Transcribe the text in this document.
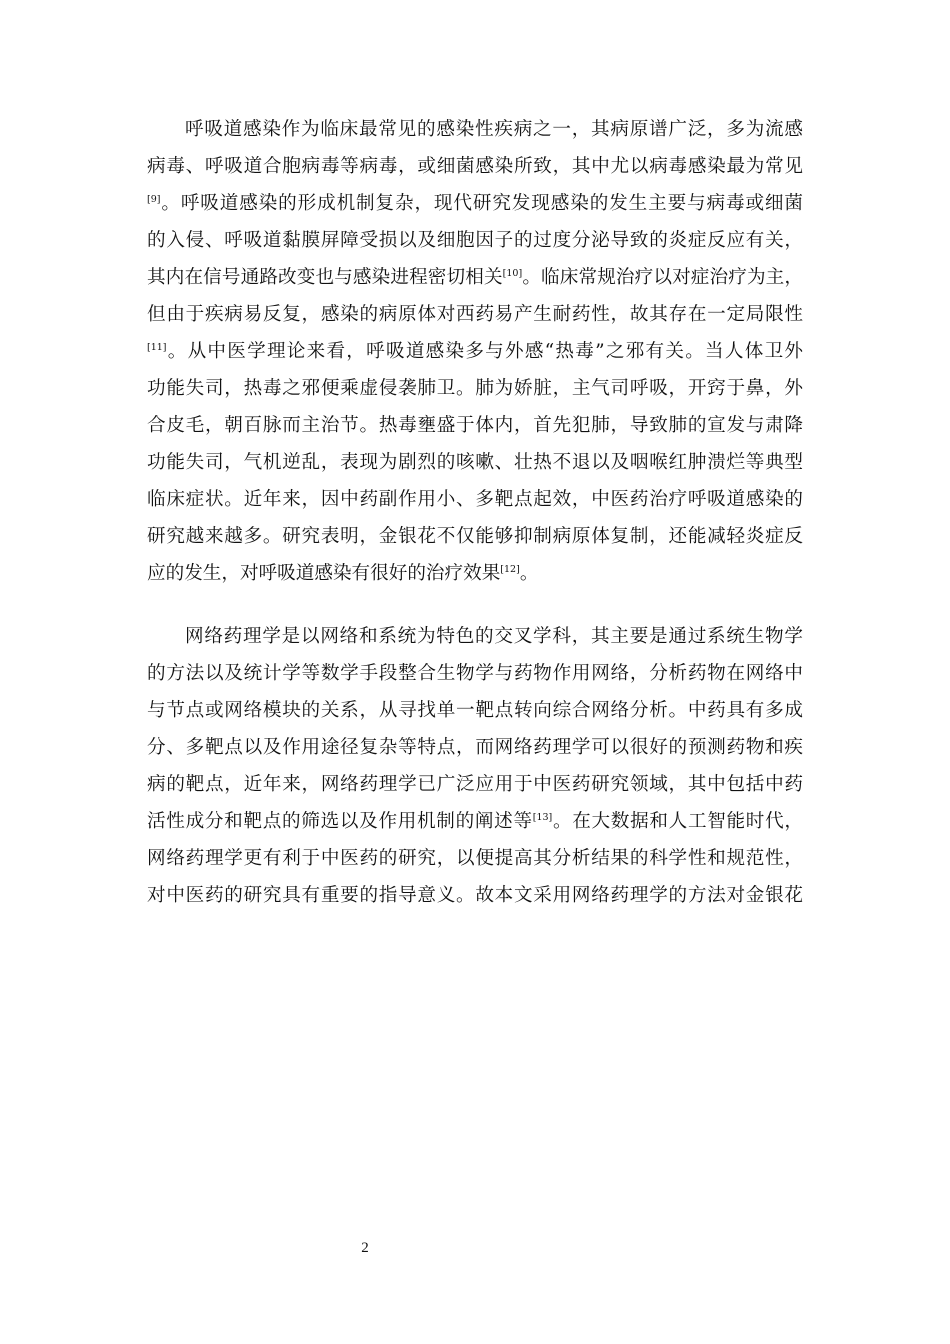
呼吸道感染作为临床最常见的感染性疾病之一，其病原谱广泛，多为流感
病毒、呼吸道合胞病毒等病毒，或细菌感染所致，其中尤以病毒感染最为常见
[9]。呼吸道感染的形成机制复杂，现代研究发现感染的发生主要与病毒或细菌
的入侵、呼吸道黏膜屏障受损以及细胞因子的过度分泌导致的炎症反应有关，
其内在信号通路改变也与感染进程密切相关[10]。临床常规治疗以对症治疗为主，
但由于疾病易反复，感染的病原体对西药易产生耐药性，故其存在一定局限性
[11]。从中医学理论来看，呼吸道感染多与外感“热毒”之邪有关。当人体卫外
功能失司，热毒之邪便乘虚侵袭肺卫。肺为娇脏，主气司呼吸，开窍于鼻，外
合皮毛，朝百脉而主治节。热毒壅盛于体内，首先犯肺，导致肺的宣发与肃降
功能失司，气机逆乱，表现为剧烈的咳嗽、壮热不退以及咽喉红肿溃烂等典型
临床症状。近年来，因中药副作用小、多靶点起效，中医药治疗呼吸道感染的
研究越来越多。研究表明，金银花不仅能够抑制病原体复制，还能减轻炎症反
应的发生，对呼吸道感染有很好的治疗效果[12]。
网络药理学是以网络和系统为特色的交叉学科，其主要是通过系统生物学
的方法以及统计学等数学手段整合生物学与药物作用网络，分析药物在网络中
与节点或网络模块的关系，从寻找单一靶点转向综合网络分析。中药具有多成
分、多靶点以及作用途径复杂等特点，而网络药理学可以很好的预测药物和疾
病的靶点，近年来，网络药理学已广泛应用于中医药研究领域，其中包括中药
活性成分和靶点的筛选以及作用机制的阐述等[13]。在大数据和人工智能时代，
网络药理学更有利于中医药的研究，以便提高其分析结果的科学性和规范性，
对中医药的研究具有重要的指导意义。故本文采用网络药理学的方法对金银花
2
